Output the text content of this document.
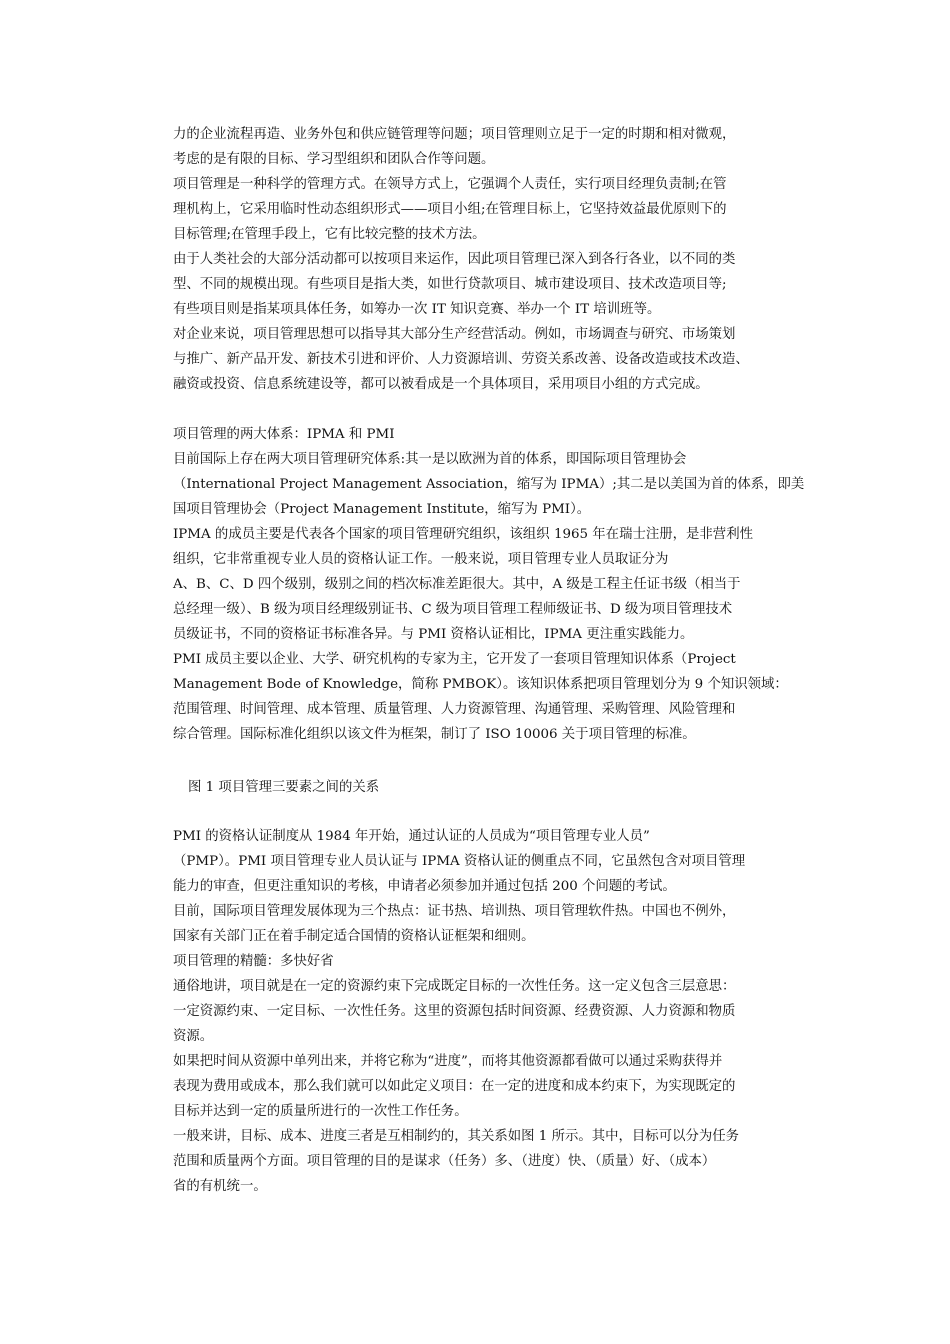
力的企业流程再造、业务外包和供应链管理等问题；项目管理则立足于一定的时期和相对微观，
考虑的是有限的目标、学习型组织和团队合作等问题。
项目管理是一种科学的管理方式。在领导方式上，它强调个人责任，实行项目经理负责制;在管
理机构上，它采用临时性动态组织形式——项目小组;在管理目标上，它坚持效益最优原则下的
目标管理;在管理手段上，它有比较完整的技术方法。
由于人类社会的大部分活动都可以按项目来运作，因此项目管理已深入到各行各业，以不同的类
型、不同的规模出现。有些项目是指大类，如世行贷款项目、城市建设项目、技术改造项目等;
有些项目则是指某项具体任务，如筹办一次 IT 知识竞赛、举办一个 IT 培训班等。
对企业来说，项目管理思想可以指导其大部分生产经营活动。例如，市场调查与研究、市场策划
与推广、新产品开发、新技术引进和评价、人力资源培训、劳资关系改善、设备改造或技术改造、
融资或投资、信息系统建设等，都可以被看成是一个具体项目，采用项目小组的方式完成。
项目管理的两大体系：IPMA 和 PMI
目前国际上存在两大项目管理研究体系:其一是以欧洲为首的体系，即国际项目管理协会
（International Project Management Association，缩写为 IPMA）;其二是以美国为首的体系，即美
国项目管理协会（Project Management Institute，缩写为 PMI）。
IPMA 的成员主要是代表各个国家的项目管理研究组织，该组织 1965 年在瑞士注册，是非营利性
组织，它非常重视专业人员的资格认证工作。一般来说，项目管理专业人员取证分为
A、B、C、D 四个级别，级别之间的档次标准差距很大。其中，A 级是工程主任证书级（相当于
总经理一级）、B 级为项目经理级别证书、C 级为项目管理工程师级证书、D 级为项目管理技术
员级证书，不同的资格证书标准各异。与 PMI 资格认证相比，IPMA 更注重实践能力。
PMI 成员主要以企业、大学、研究机构的专家为主，它开发了一套项目管理知识体系（Project
Management Bode of Knowledge，简称 PMBOK）。该知识体系把项目管理划分为 9 个知识领域：
范围管理、时间管理、成本管理、质量管理、人力资源管理、沟通管理、采购管理、风险管理和
综合管理。国际标准化组织以该文件为框架，制订了 ISO 10006 关于项目管理的标准。
图 1 项目管理三要素之间的关系
PMI 的资格认证制度从 1984 年开始，通过认证的人员成为“项目管理专业人员”
（PMP）。PMI 项目管理专业人员认证与 IPMA 资格认证的侧重点不同，它虽然包含对项目管理
能力的审查，但更注重知识的考核，申请者必须参加并通过包括 200 个问题的考试。
目前，国际项目管理发展体现为三个热点：证书热、培训热、项目管理软件热。中国也不例外，
国家有关部门正在着手制定适合国情的资格认证框架和细则。
项目管理的精髓：多快好省
通俗地讲，项目就是在一定的资源约束下完成既定目标的一次性任务。这一定义包含三层意思：
一定资源约束、一定目标、一次性任务。这里的资源包括时间资源、经费资源、人力资源和物质
资源。
如果把时间从资源中单列出来，并将它称为“进度”，而将其他资源都看做可以通过采购获得并
表现为费用或成本，那么我们就可以如此定义项目：在一定的进度和成本约束下，为实现既定的
目标并达到一定的质量所进行的一次性工作任务。
一般来讲，目标、成本、进度三者是互相制约的，其关系如图 1 所示。其中，目标可以分为任务
范围和质量两个方面。项目管理的目的是谋求（任务）多、（进度）快、（质量）好、（成本）
省的有机统一。
